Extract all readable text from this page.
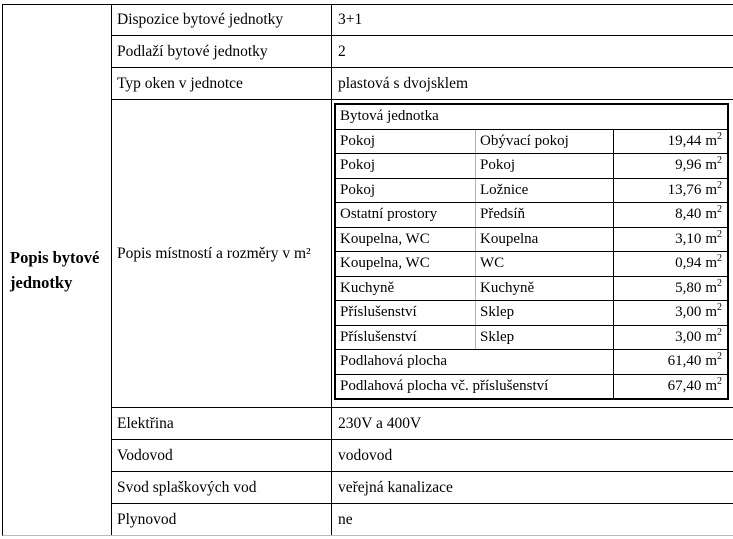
Popis bytové jednotky
Dispozice bytové jednotky	3+1
Podlaží bytové jednotky	2
Typ oken v jednotce	plastová s dvojsklem
Popis místností a rozměry v m²
Bytová jednotka
Pokoj	Obývací pokoj	19,44 $m^2$
Pokoj	Pokoj	9,96 $m^2$
Pokoj	Ložnice	13,76 $m^2$
Ostatní prostory	Předsíň	8,40 $m^2$
Koupelna, WC	Koupelna	3,10 $m^2$
Koupelna, WC	WC	0,94 $m^2$
Kuchyně	Kuchyně	5,80 $m^2$
Příslušenství	Sklep	3,00 $m^2$
Příslušenství	Sklep	3,00 $m^2$
Podlahová plocha	61,40 $m^2$
Podlahová plocha vč. příslušenství	67,40 $m^2$
Elektřina	230V a 400V
Vodovod	vodovod
Svod splaškových vod	veřejná kanalizace
Plynovod	ne
